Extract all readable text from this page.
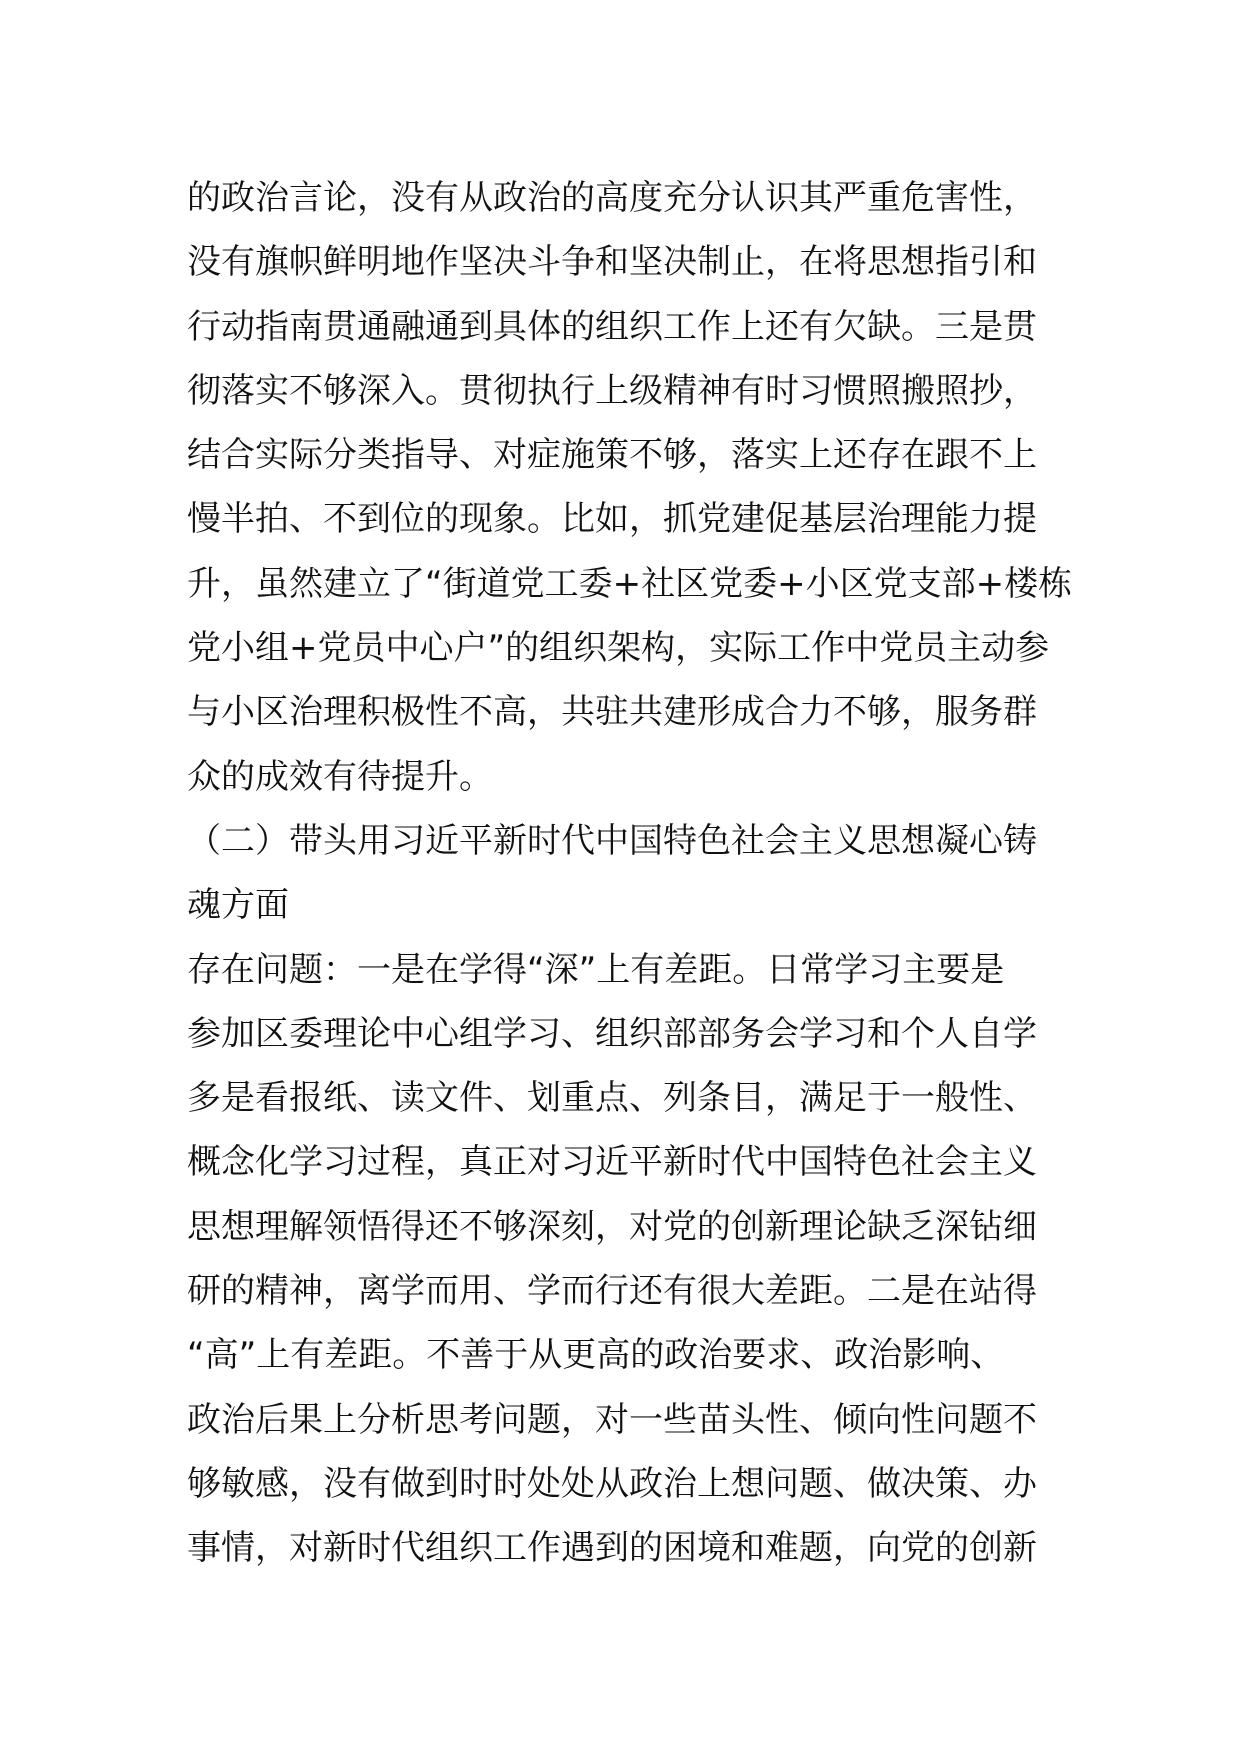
的政治言论，没有从政治的高度充分认识其严重危害性，
没有旗帜鲜明地作坚决斗争和坚决制止，在将思想指引和
行动指南贯通融通到具体的组织工作上还有欠缺。三是贯
彻落实不够深入。贯彻执行上级精神有时习惯照搬照抄，
结合实际分类指导、对症施策不够，落实上还存在跟不上
慢半拍、不到位的现象。比如，抓党建促基层治理能力提
升，虽然建立了“街道党工委+社区党委+小区党支部+楼栋
党小组+党员中心户”的组织架构，实际工作中党员主动参
与小区治理积极性不高，共驻共建形成合力不够，服务群
众的成效有待提升。
（二）带头用习近平新时代中国特色社会主义思想凝心铸
魂方面
存在问题：一是在学得“深”上有差距。日常学习主要是
参加区委理论中心组学习、组织部部务会学习和个人自学
多是看报纸、读文件、划重点、列条目，满足于一般性、
概念化学习过程，真正对习近平新时代中国特色社会主义
思想理解领悟得还不够深刻，对党的创新理论缺乏深钻细
研的精神，离学而用、学而行还有很大差距。二是在站得
“高”上有差距。不善于从更高的政治要求、政治影响、
政治后果上分析思考问题，对一些苗头性、倾向性问题不
够敏感，没有做到时时处处从政治上想问题、做决策、办
事情，对新时代组织工作遇到的困境和难题，向党的创新
